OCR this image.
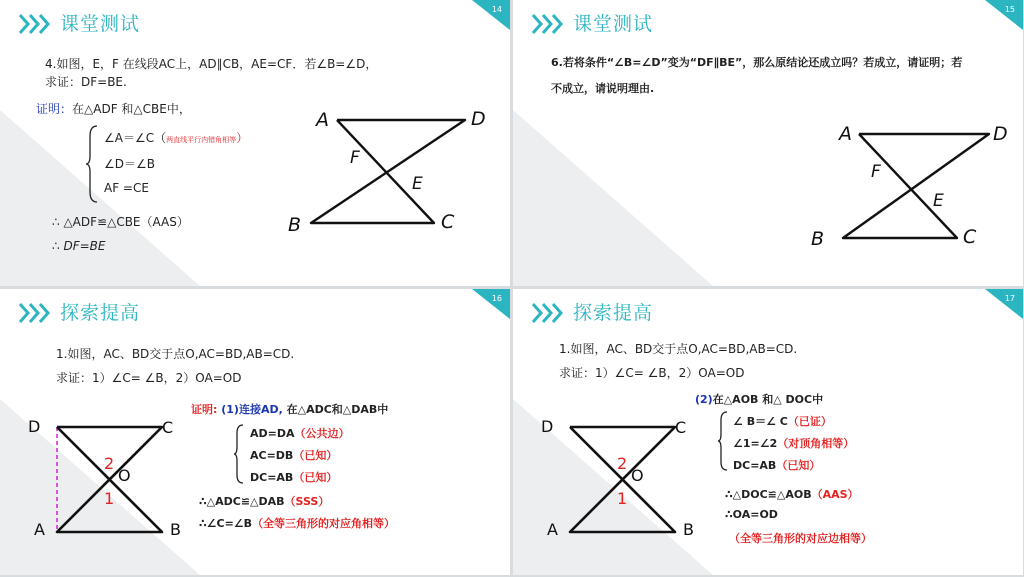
课堂测试
14
4.如图，E，F 在线段AC上，AD∥CB，AE=CF．若∠B=∠D，
求证：DF=BE.
证明：在△ADF 和△CBE中，
∠A＝∠C（两直线平行内错角相等）
∠D＝∠B
AF =CE
∴ △ADF≌△CBE（AAS）
∴ DF=BE
A	D
F
E
B	C
课堂测试
15
6.若将条件“∠B=∠D”变为“DF∥BE”，那么原结论还成立吗？若成立，请证明；若
不成立，请说明理由.
A	D
F
E
B	C
探索提高
16
1.如图，AC、BD交于点O,AC=BD,AB=CD.
求证：1）∠C= ∠B，2）OA=OD
证明: (1)连接AD, 在△ADC和△DAB中
AD=DA（公共边）
AC=DB（已知）
DC=AB（已知）
∴△ADC≌△DAB（SSS）
∴∠C=∠B（全等三角形的对应角相等）
D	C
A	B
O
2
1
探索提高
17
1.如图，AC、BD交于点O,AC=BD,AB=CD.
求证：1）∠C= ∠B，2）OA=OD
(2)在△AOB 和△ DOC中
∠ B＝∠ C（已证）
∠1=∠2（对顶角相等）
DC=AB（已知）
∴△DOC≌△AOB（AAS）
∴OA=OD
（全等三角形的对应边相等）
D	C
A	B
O
2
1
